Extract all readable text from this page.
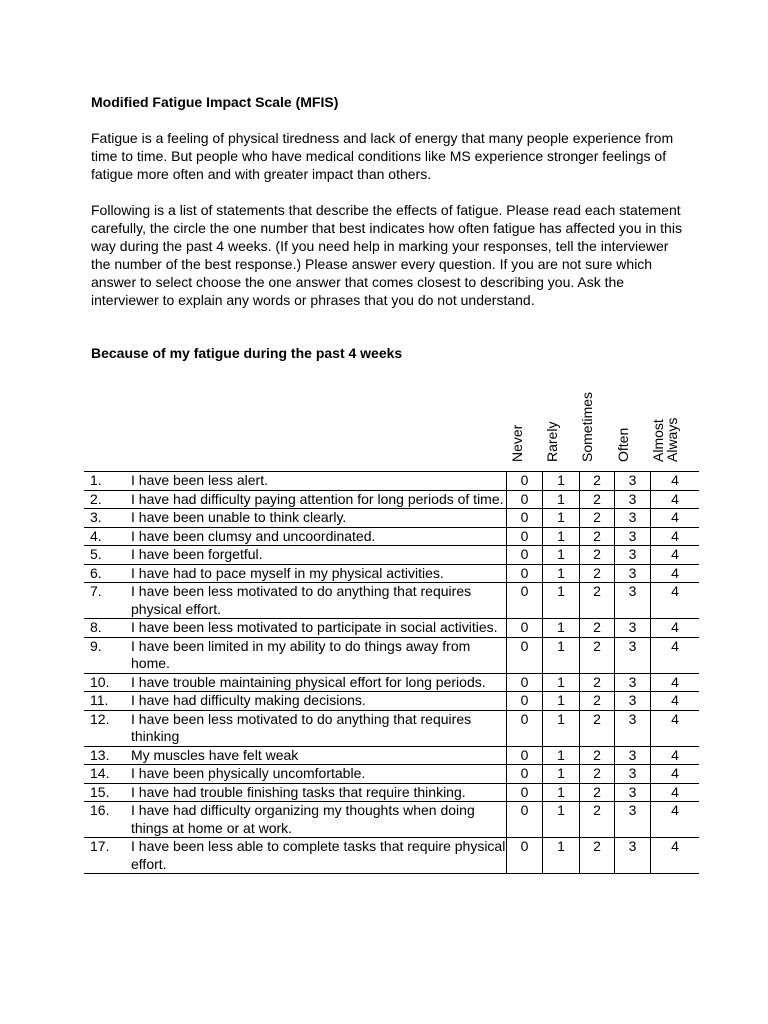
Modified Fatigue Impact Scale (MFIS)

Fatigue is a feeling of physical tiredness and lack of energy that many people experience from time to time. But people who have medical conditions like MS experience stronger feelings of fatigue more often and with greater impact than others.

Following is a list of statements that describe the effects of fatigue. Please read each statement carefully, the circle the one number that best indicates how often fatigue has affected you in this way during the past 4 weeks. (If you need help in marking your responses, tell the interviewer the number of the best response.) Please answer every question. If you are not sure which answer to select choose the one answer that comes closest to describing you. Ask the interviewer to explain any words or phrases that you do not understand.

Because of my fatigue during the past 4 weeks

Never Rarely Sometimes Often Almost
Always
1.	I have been less alert.	0	1	2	3	4
2.	I have had difficulty paying attention for long periods of time.	0	1	2	3	4
3.	I have been unable to think clearly.	0	1	2	3	4
4.	I have been clumsy and uncoordinated.	0	1	2	3	4
5.	I have been forgetful.	0	1	2	3	4
6.	I have had to pace myself in my physical activities.	0	1	2	3	4
7.	I have been less motivated to do anything that requires physical effort.	0	1	2	3	4
8.	I have been less motivated to participate in social activities.	0	1	2	3	4
9.	I have been limited in my ability to do things away from home.	0	1	2	3	4
10.	I have trouble maintaining physical effort for long periods.	0	1	2	3	4
11.	I have had difficulty making decisions.	0	1	2	3	4
12.	I have been less motivated to do anything that requires thinking	0	1	2	3	4
13.	My muscles have felt weak	0	1	2	3	4
14.	I have been physically uncomfortable.	0	1	2	3	4
15.	I have had trouble finishing tasks that require thinking.	0	1	2	3	4
16.	I have had difficulty organizing my thoughts when doing things at home or at work.	0	1	2	3	4
17.	I have been less able to complete tasks that require physical effort.	0	1	2	3	4
